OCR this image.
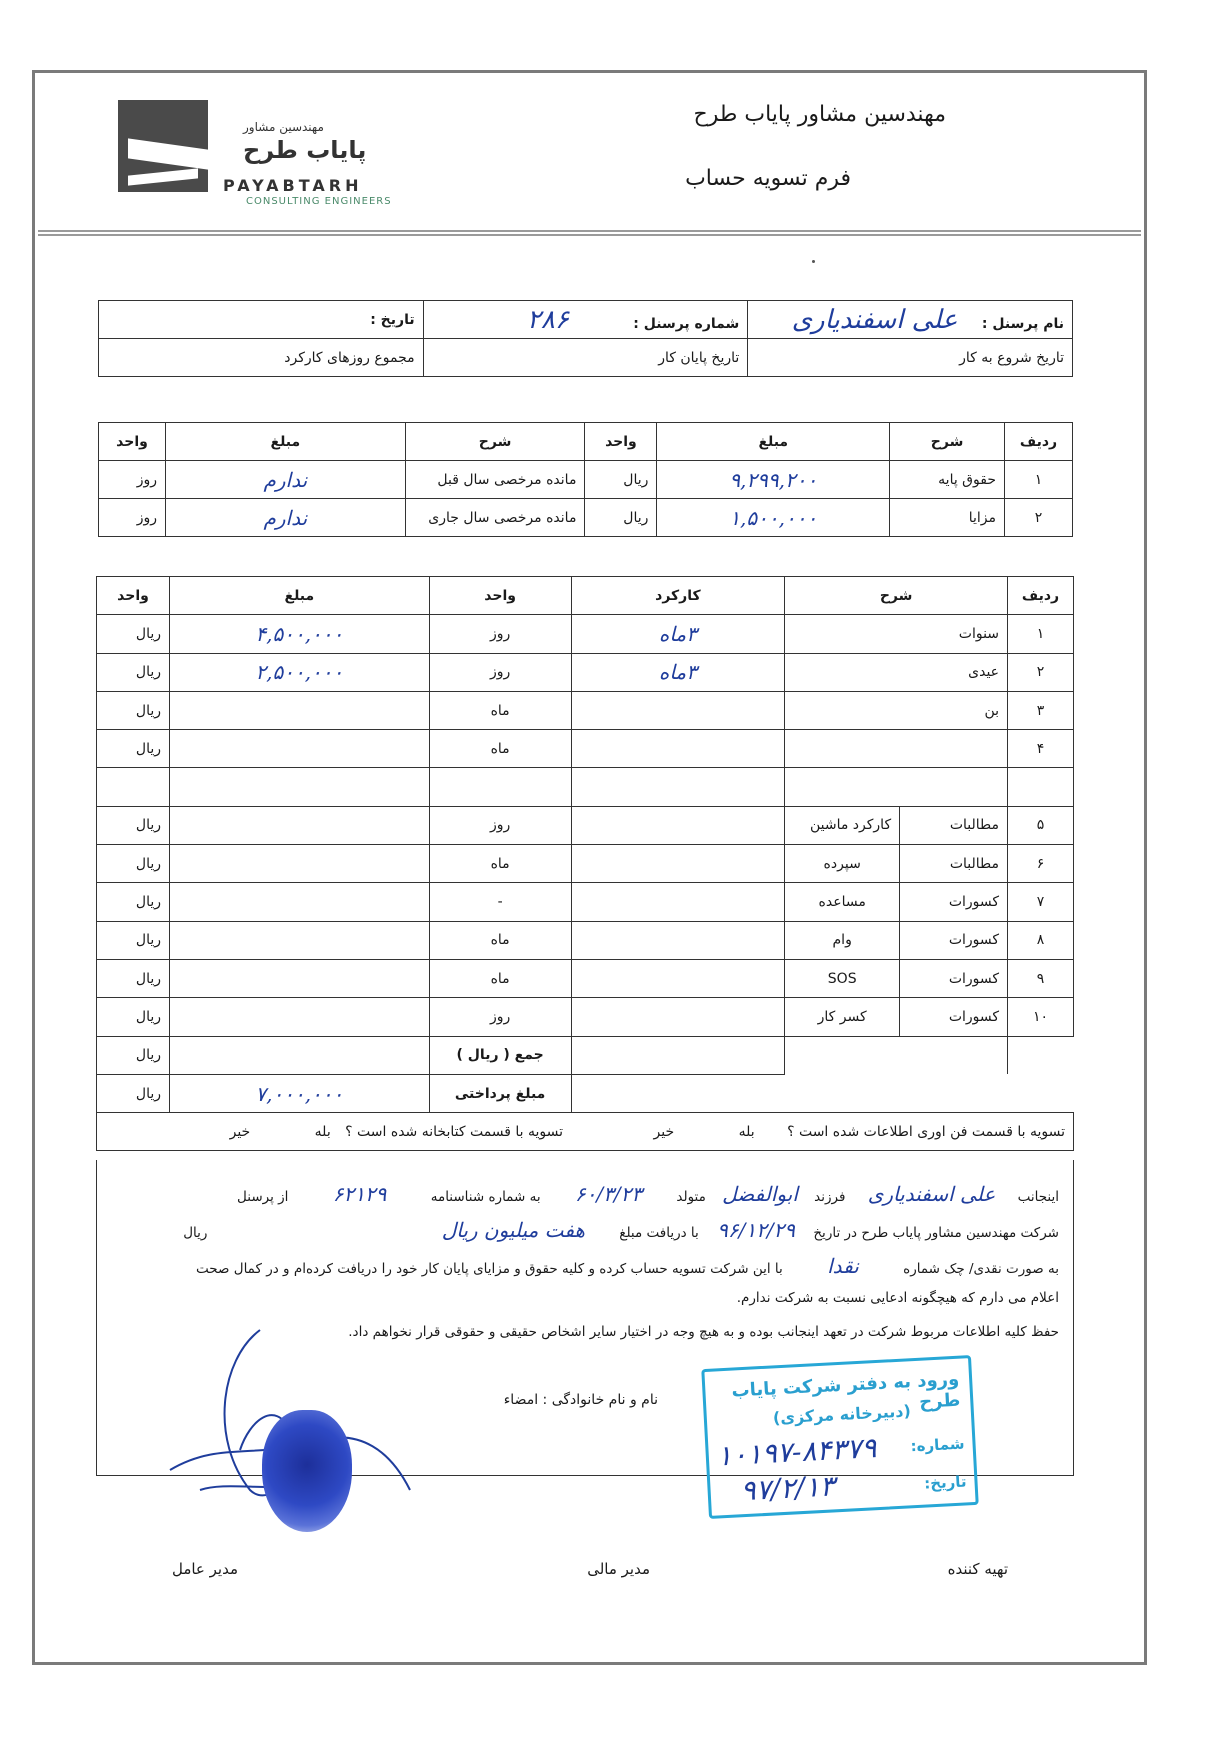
مهندسین مشاور
پایاب طرح
PAYABTARH
CONSULTING ENGINEERS
مهندسین مشاور پایاب طرح
فرم تسویه حساب
نام پرسنل : علی اسفندیاری	شماره پرسنل : ۲۸۶	تاریخ :
تاریخ شروع به کار	تاریخ پایان کار	مجموع روزهای کارکرد
ردیف	شرح	مبلغ	واحد	شرح	مبلغ	واحد
۱	حقوق پایه	۹,۲۹۹,۲۰۰	ریال	مانده مرخصی سال قبل	ندارم	روز
۲	مزایا	۱,۵۰۰,۰۰۰	ریال	مانده مرخصی سال جاری	ندارم	روز
ردیف	شرح		کارکرد	واحد	مبلغ	واحد
۱	سنوات		۳ماه	روز	۴,۵۰۰,۰۰۰	ریال
۲	عیدی		۳ماه	روز	۲,۵۰۰,۰۰۰	ریال
۳	بن			ماه		ریال
۴				ماه		ریال

۵	مطالبات	کارکرد ماشین		روز		ریال
۶	مطالبات	سپرده		ماه		ریال
۷	کسورات	مساعده		-		ریال
۸	کسورات	وام		ماه		ریال
۹	کسورات	SOS		ماه		ریال
۱۰	کسورات	کسر کار		روز		ریال
				جمع ( ریال )		ریال
				مبلغ پرداختی	۷,۰۰۰,۰۰۰	ریال
تسویه با قسمت فن اوری اطلاعات شده است ؟ بله خیر				تسویه با قسمت کتابخانه شده است ؟ بله خیر		
اینجانب علی اسفندیاری فرزند ابوالفضل متولد ۶۰/۳/۲۳ به شماره شناسنامه ۶۲۱۲۹ از پرسنل
شرکت مهندسین مشاور پایاب طرح در تاریخ ۹۶/۱۲/۲۹ با دریافت مبلغ هفت میلیون ریال ریال
به صورت نقدی/ چک شماره نقدا با این شرکت تسویه حساب کرده و کلیه حقوق و مزایای پایان کار خود را دریافت کرده‌ام و در کمال صحت
اعلام می دارم که هیچگونه ادعایی نسبت به شرکت ندارم.
حفظ کلیه اطلاعات مربوط شرکت در تعهد اینجانب بوده و به هیچ وجه در اختیار سایر اشخاص حقیقی و حقوقی قرار نخواهم داد.
نام و نام خانوادگی : امضاء	ورود به دفتر شرکت پایاب طرح
(دبیرخانه مرکزی)
شماره:
تاریخ:
۱۰۱۹۷-۸۴۳۷۹
۹۷/۲/۱۳
تهیه کننده
مدیر مالی
مدیر عامل
